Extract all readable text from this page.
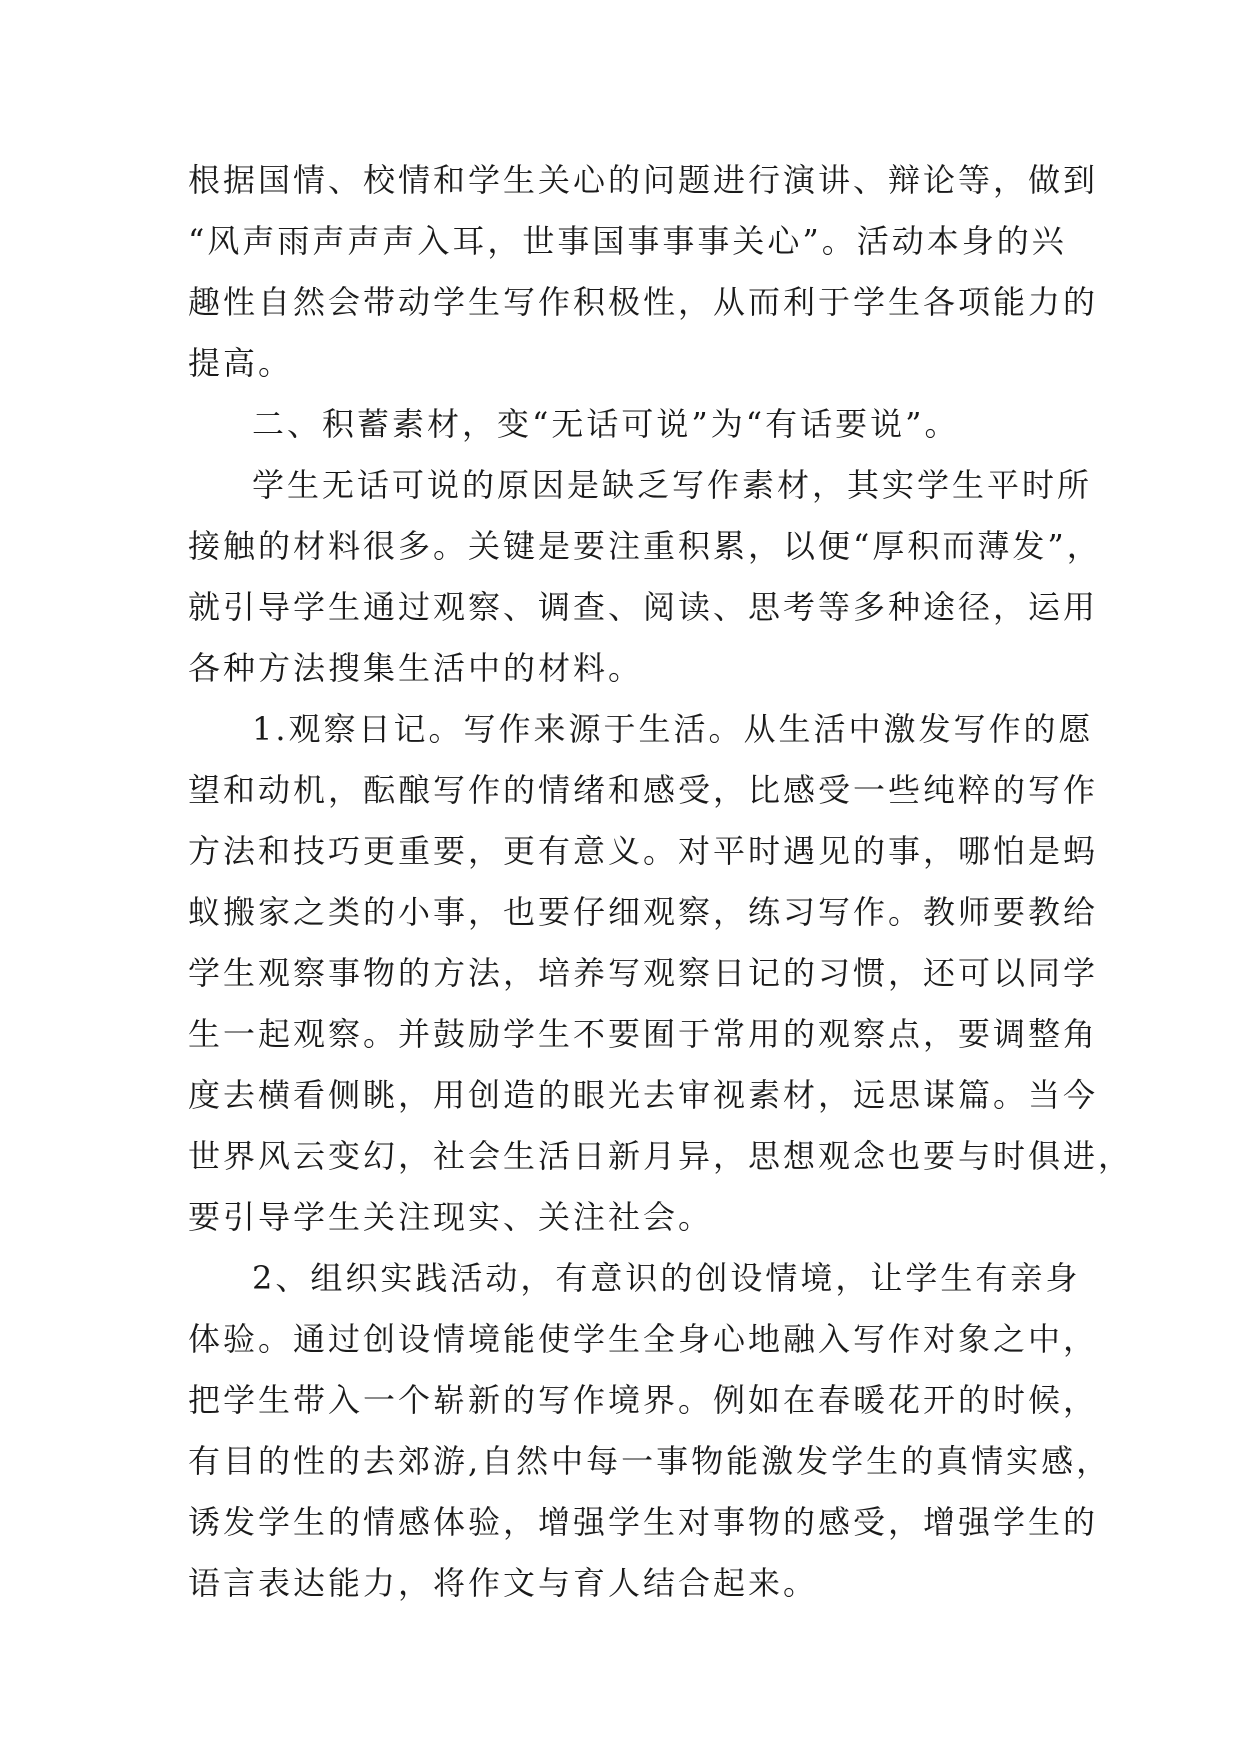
根据国情、校情和学生关心的问题进行演讲、辩论等，做到
“风声雨声声声入耳，世事国事事事关心”。活动本身的兴
趣性自然会带动学生写作积极性，从而利于学生各项能力的
提高。
二、积蓄素材，变“无话可说”为“有话要说”。
学生无话可说的原因是缺乏写作素材，其实学生平时所
接触的材料很多。关键是要注重积累，以便“厚积而薄发”，
就引导学生通过观察、调查、阅读、思考等多种途径，运用
各种方法搜集生活中的材料。
1.观察日记。写作来源于生活。从生活中激发写作的愿
望和动机，酝酿写作的情绪和感受，比感受一些纯粹的写作
方法和技巧更重要，更有意义。对平时遇见的事，哪怕是蚂
蚁搬家之类的小事，也要仔细观察，练习写作。教师要教给
学生观察事物的方法，培养写观察日记的习惯，还可以同学
生一起观察。并鼓励学生不要囿于常用的观察点，要调整角
度去横看侧眺，用创造的眼光去审视素材，远思谋篇。当今
世界风云变幻，社会生活日新月异，思想观念也要与时俱进，
要引导学生关注现实、关注社会。
2、组织实践活动，有意识的创设情境，让学生有亲身
体验。通过创设情境能使学生全身心地融入写作对象之中，
把学生带入一个崭新的写作境界。例如在春暖花开的时候，
有目的性的去郊游,自然中每一事物能激发学生的真情实感，
诱发学生的情感体验，增强学生对事物的感受，增强学生的
语言表达能力，将作文与育人结合起来。
